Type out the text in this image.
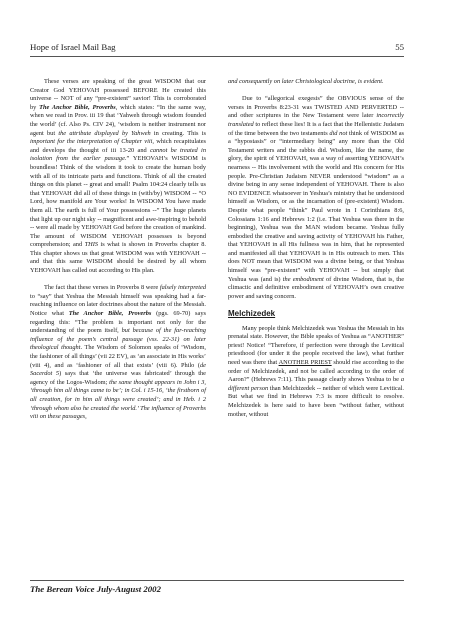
Hope of Israel Mail Bag	55

These verses are speaking of the great WISDOM that our Creator God YEHOVAH possessed BEFORE He created this universe -- NOT of any “pre-existent” savior! This is corroborated by The Anchor Bible, Proverbs, which states: “In the same way, when we read in Prov. iii 19 that ‘Yahweh through wisdom founded the world’ (cf. Also Ps. CIV 24), ‘wisdom is neither instrument nor agent but the attribute displayed by Yahweh in creating. This is important for the interpretation of Chapter viii, which recapitulates and develops the thought of iii 13-20 and cannot be treated in isolation from the earlier passage.” YEHOVAH’s WISDOM is boundless! Think of the wisdom it took to create the human body with all of its intricate parts and functions. Think of all the created things on this planet -- great and small! Psalm 104:24 clearly tells us that YEHOVAH did all of these things in (with/by) WISDOM -- “O Lord, how manifold are Your works! In WISDOM You have made them all. The earth is full of Your possessions --” The huge planets that light up our night sky -- magnificent and awe-inspiring to behold -- were all made by YEHOVAH God before the creation of mankind. The amount of WISDOM YEHOVAH possesses is beyond comprehension; and THIS is what is shown in Proverbs chapter 8. This chapter shows us that great WISDOM was with YEHOVAH -- and that this same WISDOM should be desired by all whom YEHOVAH has called out according to His plan.

The fact that these verses in Proverbs 8 were falsely interpreted to “say” that Yeshua the Messiah himself was speaking had a far-reaching influence on later doctrines about the nature of the Messiah. Notice what The Anchor Bible, Proverbs (pgs. 69-70) says regarding this: “The problem is important not only for the understanding of the poem itself, but because of the far-reaching influence of the poem’s central passage (vss. 22-31) on later theological thought. The Wisdom of Solomon speaks of ‘Wisdom, the fashioner of all things’ (vii 22 EV), as ‘an associate in His works’ (viii 4), and as ‘fashioner of all that exists’ (viii 6). Philo (de Sacerdot 5) says that ‘the universe was fabricated’ through the agency of the Logos-Wisdom; the same thought appears in John i 3, ‘through him all things came to be’; in Col. i 15-16, ‘the firstborn of all creation, for in him all things were created’; and in Heb. i 2 ‘through whom also he created the world.’ The influence of Proverbs viii on these passages,

and consequently on later Christological doctrine, is evident.

Due to “allegorical exegesis” the OBVIOUS sense of the verses in Proverbs 8:23-31 was TWISTED AND PERVERTED -- and other scriptures in the New Testament were later incorrectly translated to reflect these lies! It is a fact that the Hellenistic Judaism of the time between the two testaments did not think of WISDOM as a “hypostasis” or “intermediary being” any more than the Old Testament writers and the rabbis did. Wisdom, like the name, the glory, the spirit of YEHOVAH, was a way of asserting YEHOVAH’s nearness -- His involvement with the world and His concern for His people. Pre-Christian Judaism NEVER understood “wisdom” as a divine being in any sense independent of YEHOVAH. There is also NO EVIDENCE whatsoever in Yeshua’s ministry that he understood himself as Wisdom, or as the incarnation of (pre-existent) Wisdom. Despite what people “think” Paul wrote in I Corinthians 8:6, Colossians 1:16 and Hebrews 1:2 (i.e. That Yeshua was there in the beginning), Yeshua was the MAN wisdom became. Yeshua fully embodied the creative and saving activity of YEHOVAH his Father, that YEHOVAH in all His fullness was in him, that he represented and manifested all that YEHOVAH is in His outreach to men. This does NOT mean that WISDOM was a divine being, or that Yeshua himself was “pre-existent” with YEHOVAH -- but simply that Yeshua was (and is) the embodiment of divine Wisdom, that is, the climactic and definitive embodiment of YEHOVAH’s own creative power and saving concern.

Melchizedek

Many people think Melchizedek was Yeshua the Messiah in his prenatal state. However, the Bible speaks of Yeshua as “ANOTHER” priest! Notice! “Therefore, if perfection were through the Levitical priesthood (for under it the people received the law), what further need was there that ANOTHER PRIEST should rise according to the order of Melchizedek, and not be called according to the order of Aaron?” (Hebrews 7:11). This passage clearly shows Yeshua to be a different person than Melchizedek -- neither of which were Levitical. But what we find in Hebrews 7:3 is more difficult to resolve. Melchizedek is here said to have been “without father, without mother, without

The Berean Voice July-August 2002
